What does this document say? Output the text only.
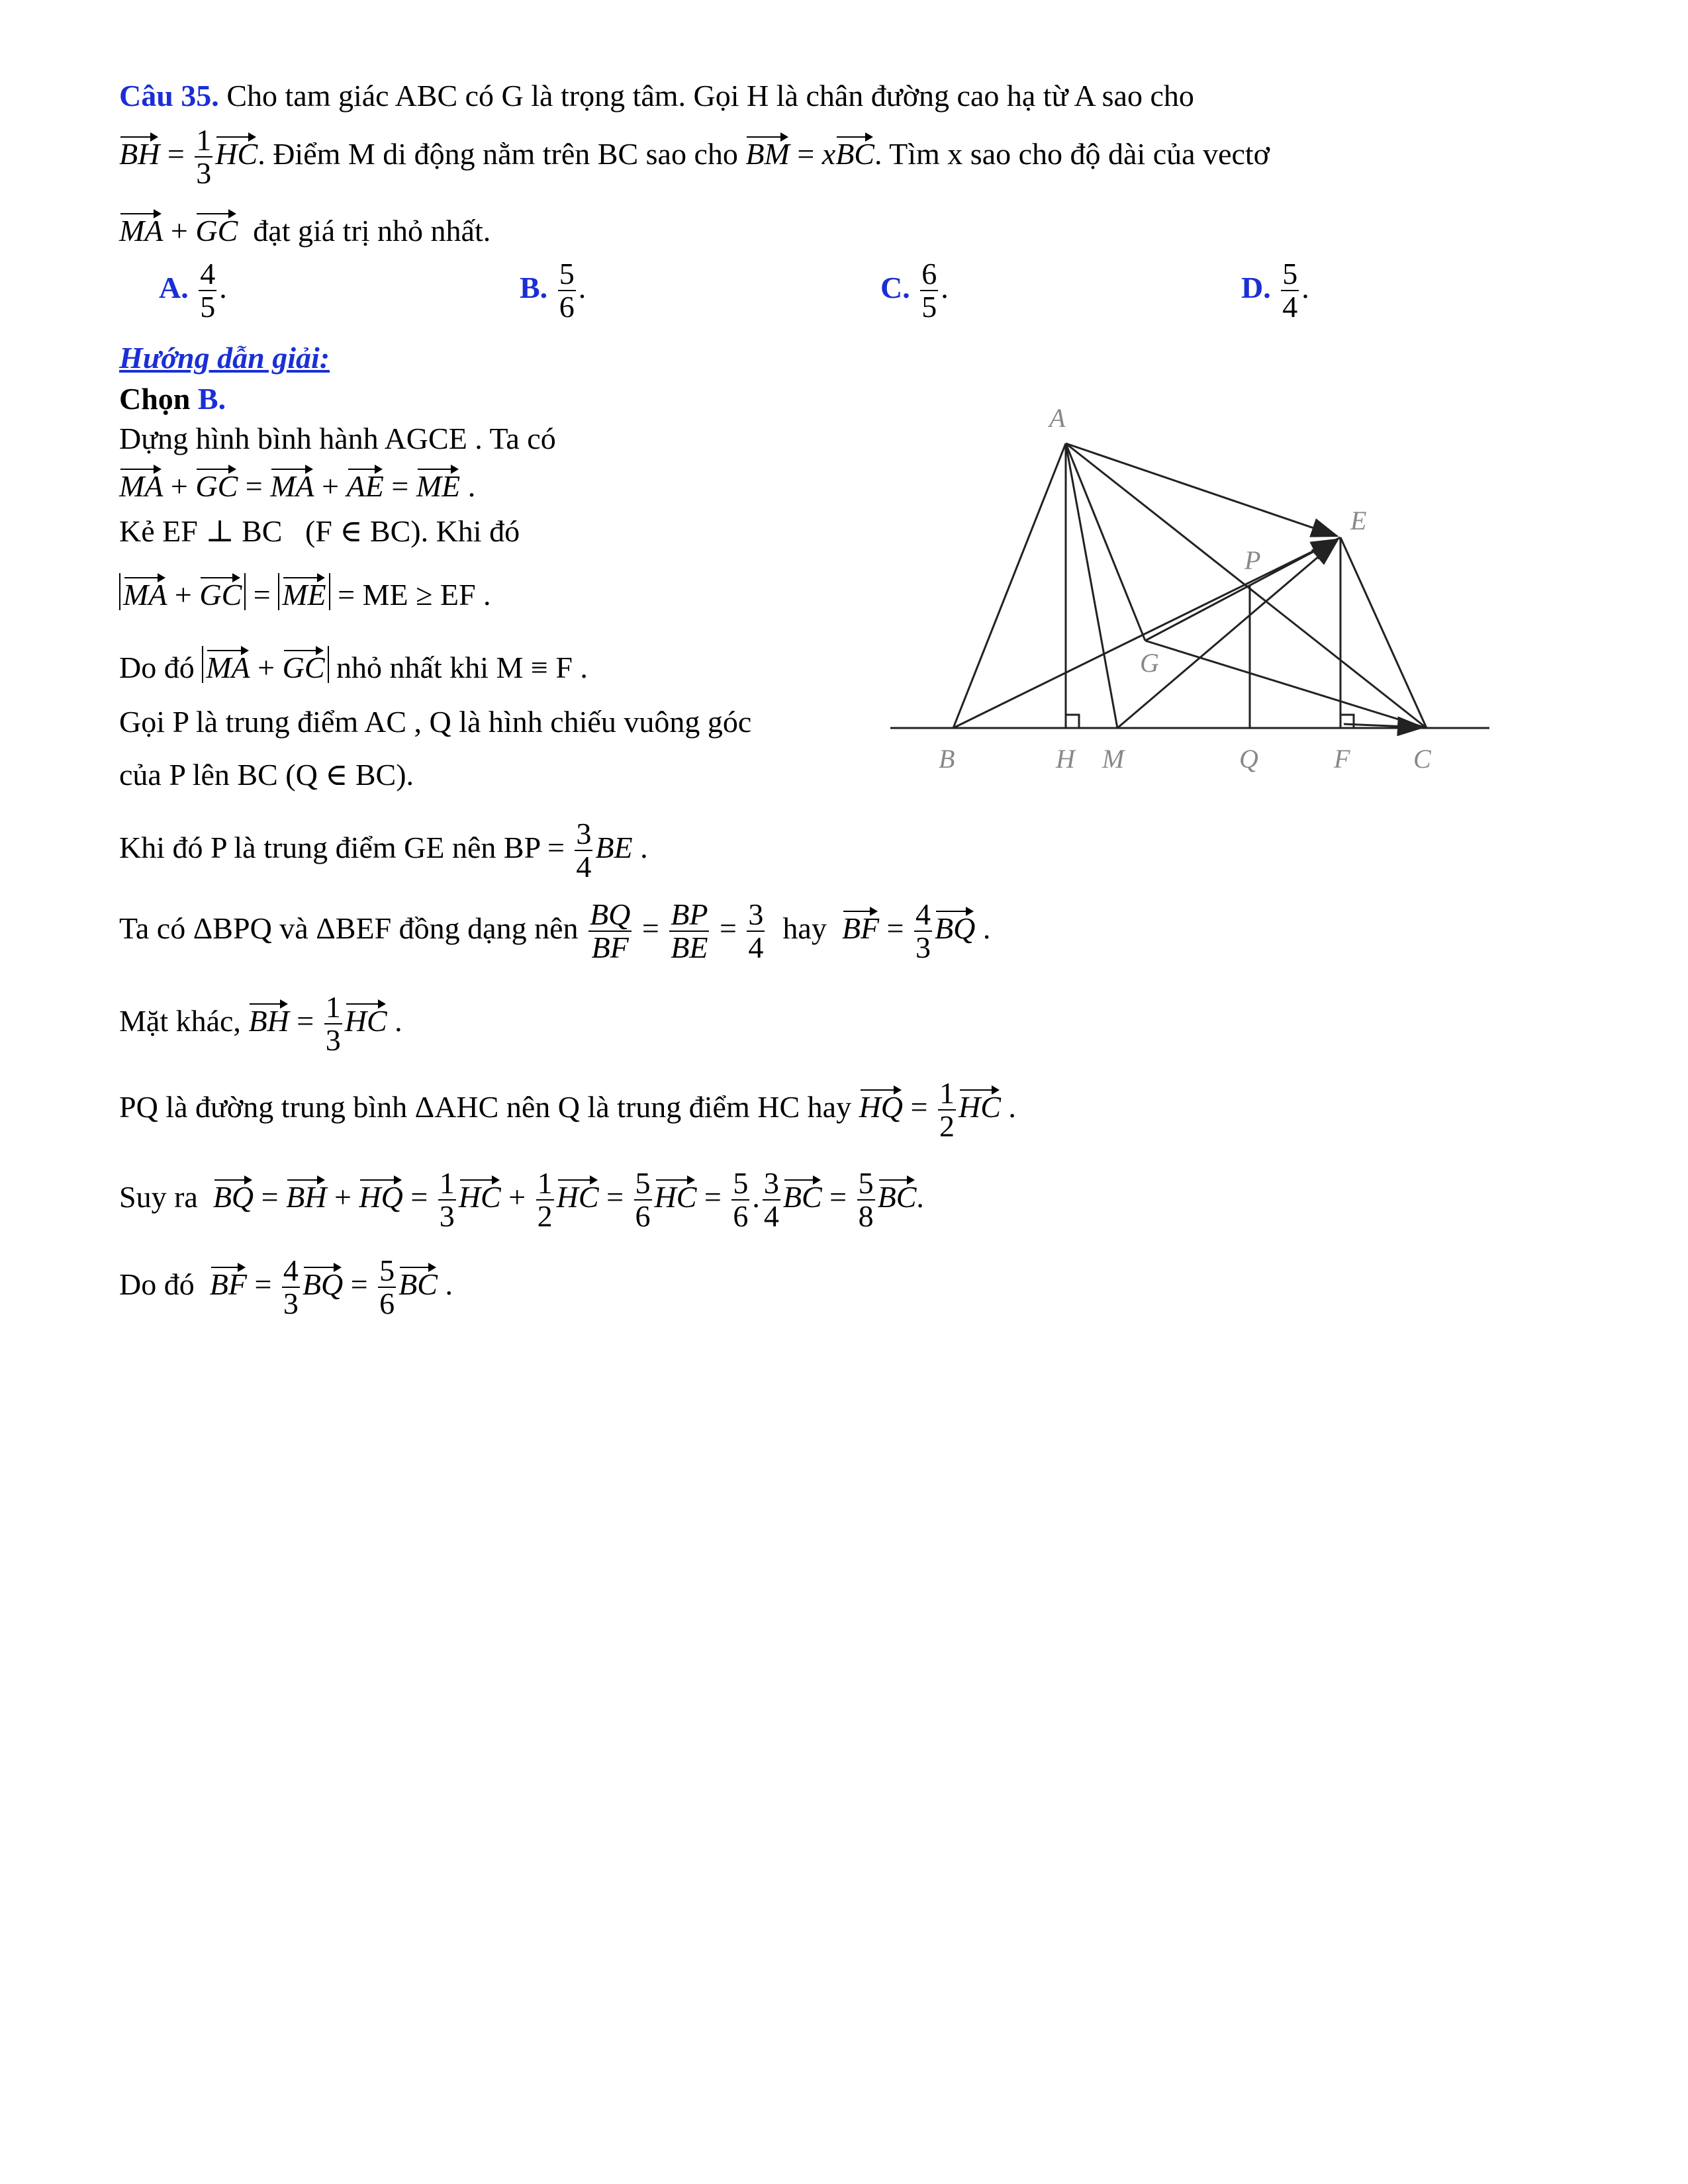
Câu 35. Cho tam giác ABC có G là trọng tâm. Gọi H là chân đường cao hạ từ A sao cho
BH = $\frac{1}{3}$ HC. Điểm M di động nằm trên BC sao cho BM = xBC. Tìm x sao cho độ dài của vectơ
MA + GC đạt giá trị nhỏ nhất.
A. $\frac{4}{5}$ .	B. $\frac{5}{6}$ .	C. $\frac{6}{5}$ .	D. $\frac{5}{4}$ .
Hướng dẫn giải:
Chọn B.
Dựng hình bình hành AGCE . Ta có
MA + GC = MA + AE = ME .
Kẻ EF ⊥ BC (F ∈ BC). Khi đó
MA + GC = ME = ME ≥ EF .
Do đó MA + GC nhỏ nhất khi M ≡ F .
Gọi P là trung điểm AC , Q là hình chiếu vuông góc
của P lên BC (Q ∈ BC).
Khi đó P là trung điểm GE nên BP = $\frac{3}{4}$ BE .
Ta có ΔBPQ và ΔBEF đồng dạng nên $\frac{BQ}{BF} = \frac{BP}{BE} = \frac{3}{4}$ hay BF = $\frac{4}{3}$ BQ .
Mặt khác, BH = $\frac{1}{3}$ HC .
PQ là đường trung bình ΔAHC nên Q là trung điểm HC hay HQ = $\frac{1}{2}$ HC .
Suy ra BQ = BH + HQ = $\frac{1}{3}$ HC + $\frac{1}{2}$ HC = $\frac{5}{6}$ HC = $\frac{5}{6}$ . $\frac{3}{4}$ BC = $\frac{5}{8}$ BC.
Do đó BF = $\frac{4}{3}$ BQ = $\frac{5}{6}$ BC .
A
E
P
G
B	H M	Q	F C
